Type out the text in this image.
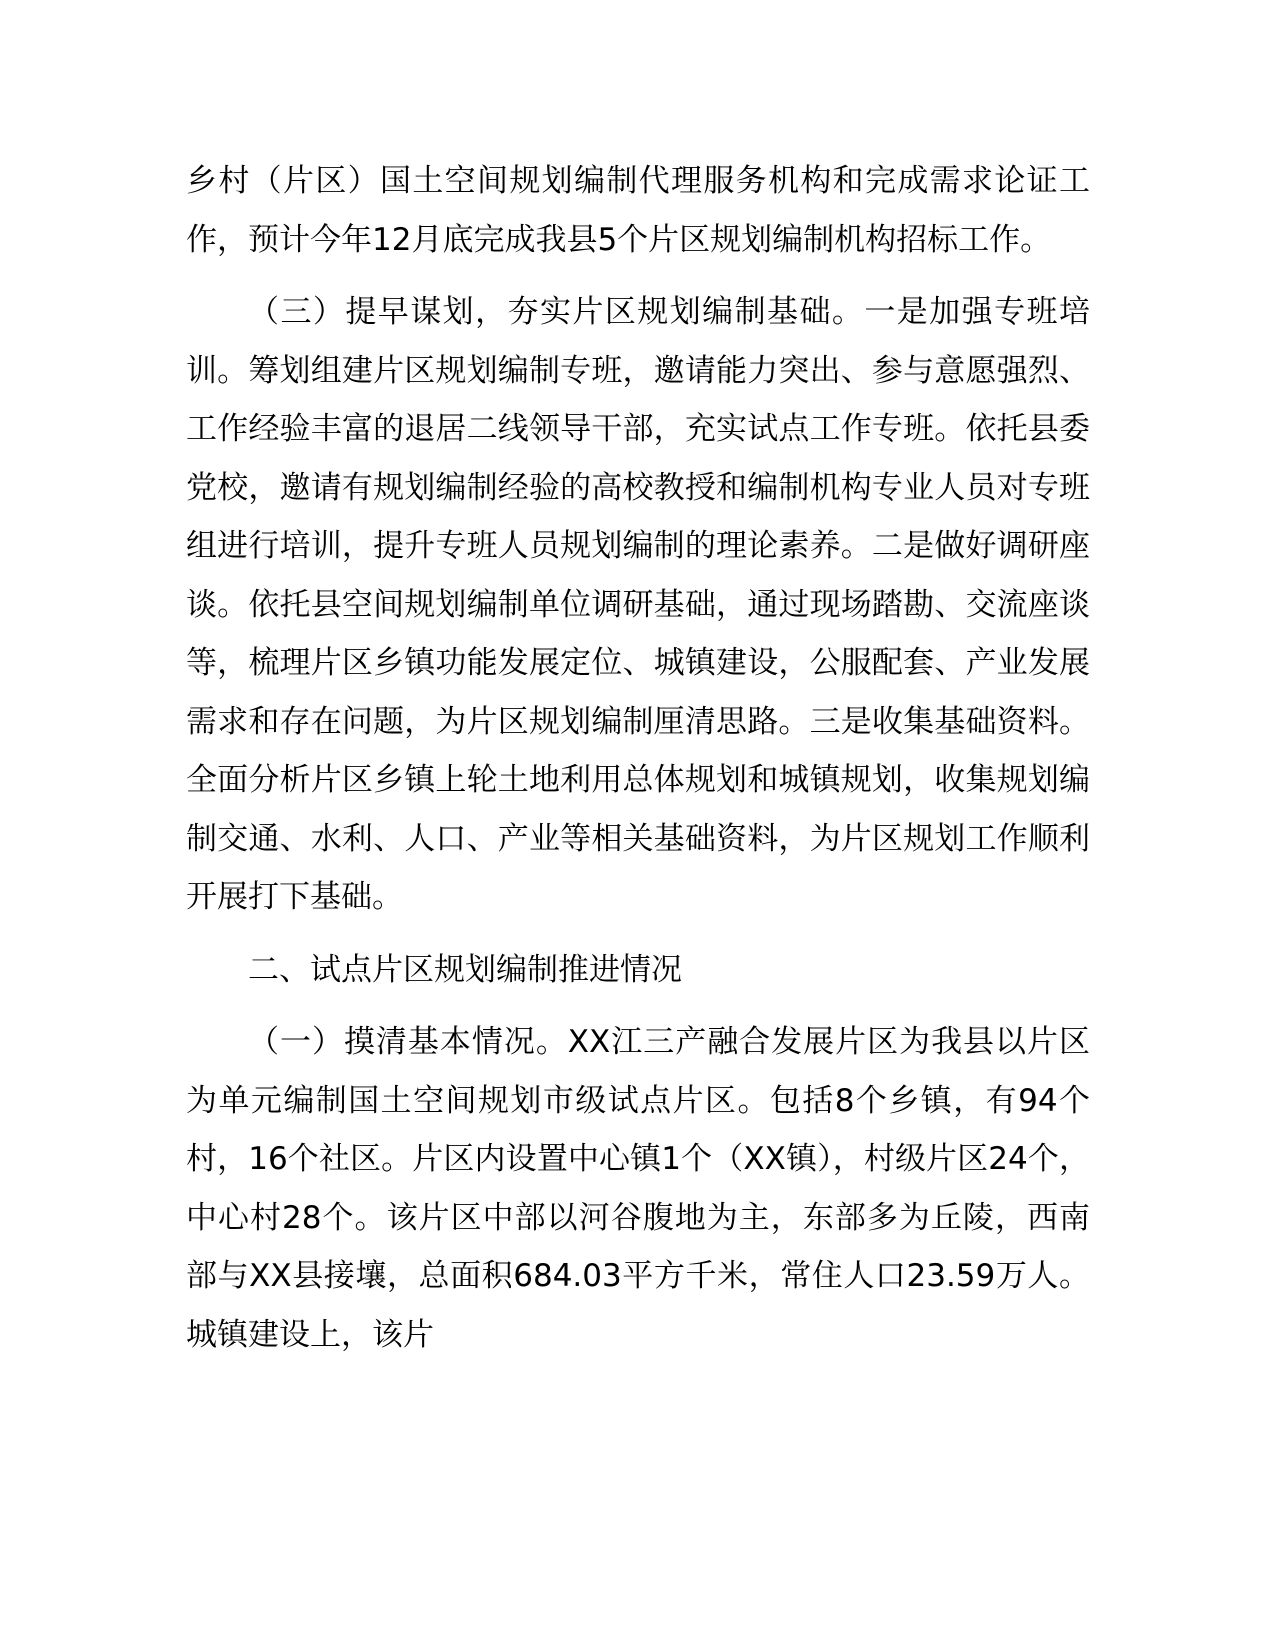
乡村（片区）国土空间规划编制代理服务机构和完成需求论证工作，预计今年12月底完成我县5个片区规划编制机构招标工作。

（三）提早谋划，夯实片区规划编制基础。一是加强专班培训。筹划组建片区规划编制专班，邀请能力突出、参与意愿强烈、工作经验丰富的退居二线领导干部，充实试点工作专班。依托县委党校，邀请有规划编制经验的高校教授和编制机构专业人员对专班组进行培训，提升专班人员规划编制的理论素养。二是做好调研座谈。依托县空间规划编制单位调研基础，通过现场踏勘、交流座谈等，梳理片区乡镇功能发展定位、城镇建设，公服配套、产业发展需求和存在问题，为片区规划编制厘清思路。三是收集基础资料。全面分析片区乡镇上轮土地利用总体规划和城镇规划，收集规划编制交通、水利、人口、产业等相关基础资料，为片区规划工作顺利开展打下基础。

二、试点片区规划编制推进情况

（一）摸清基本情况。XX江三产融合发展片区为我县以片区为单元编制国土空间规划市级试点片区。包括8个乡镇，有94个村，16个社区。片区内设置中心镇1个（XX镇），村级片区24个，中心村28个。该片区中部以河谷腹地为主，东部多为丘陵，西南部与XX县接壤，总面积684.03平方千米，常住人口23.59万人。城镇建设上，该片
